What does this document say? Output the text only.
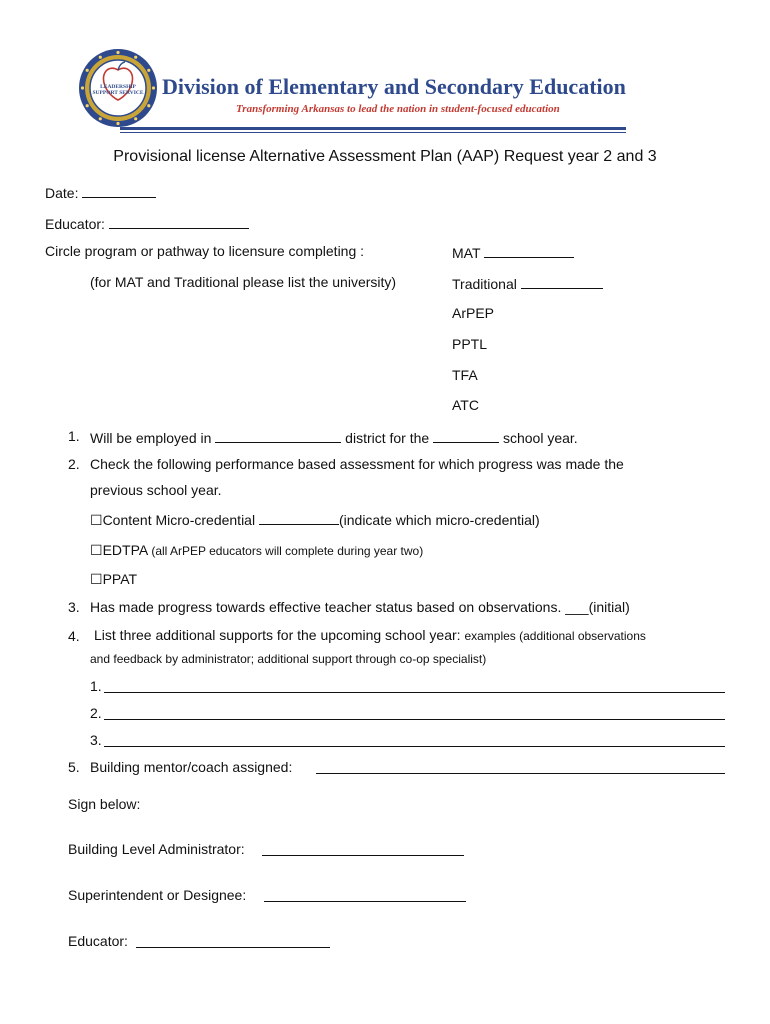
LEADERSHIP SUPPORT SERVICE Division of Elementary and Secondary Education
Transforming Arkansas to lead the nation in student-focused education
Provisional license Alternative Assessment Plan (AAP) Request year 2 and 3
Date:
Educator:
Circle program or pathway to licensure completing :
(for MAT and Traditional please list the university)
MAT
Traditional
ArPEP
PPTL
TFA
ATC
1. Will be employed in	district for the	school year.
2. Check the following performance based assessment for which progress was made the
previous school year.
☐Content Micro-credential	(indicate which micro-credential)
☐EDTPA (all ArPEP educators will complete during year two)
☐PPAT
3. Has made progress towards effective teacher status based on observations. ___(initial)
4. List three additional supports for the upcoming school year: examples (additional observations
and feedback by administrator; additional support through co-op specialist)
1.
2.
3.
5. Building mentor/coach assigned:
Sign below:
Building Level Administrator:
Superintendent or Designee:
Educator:
